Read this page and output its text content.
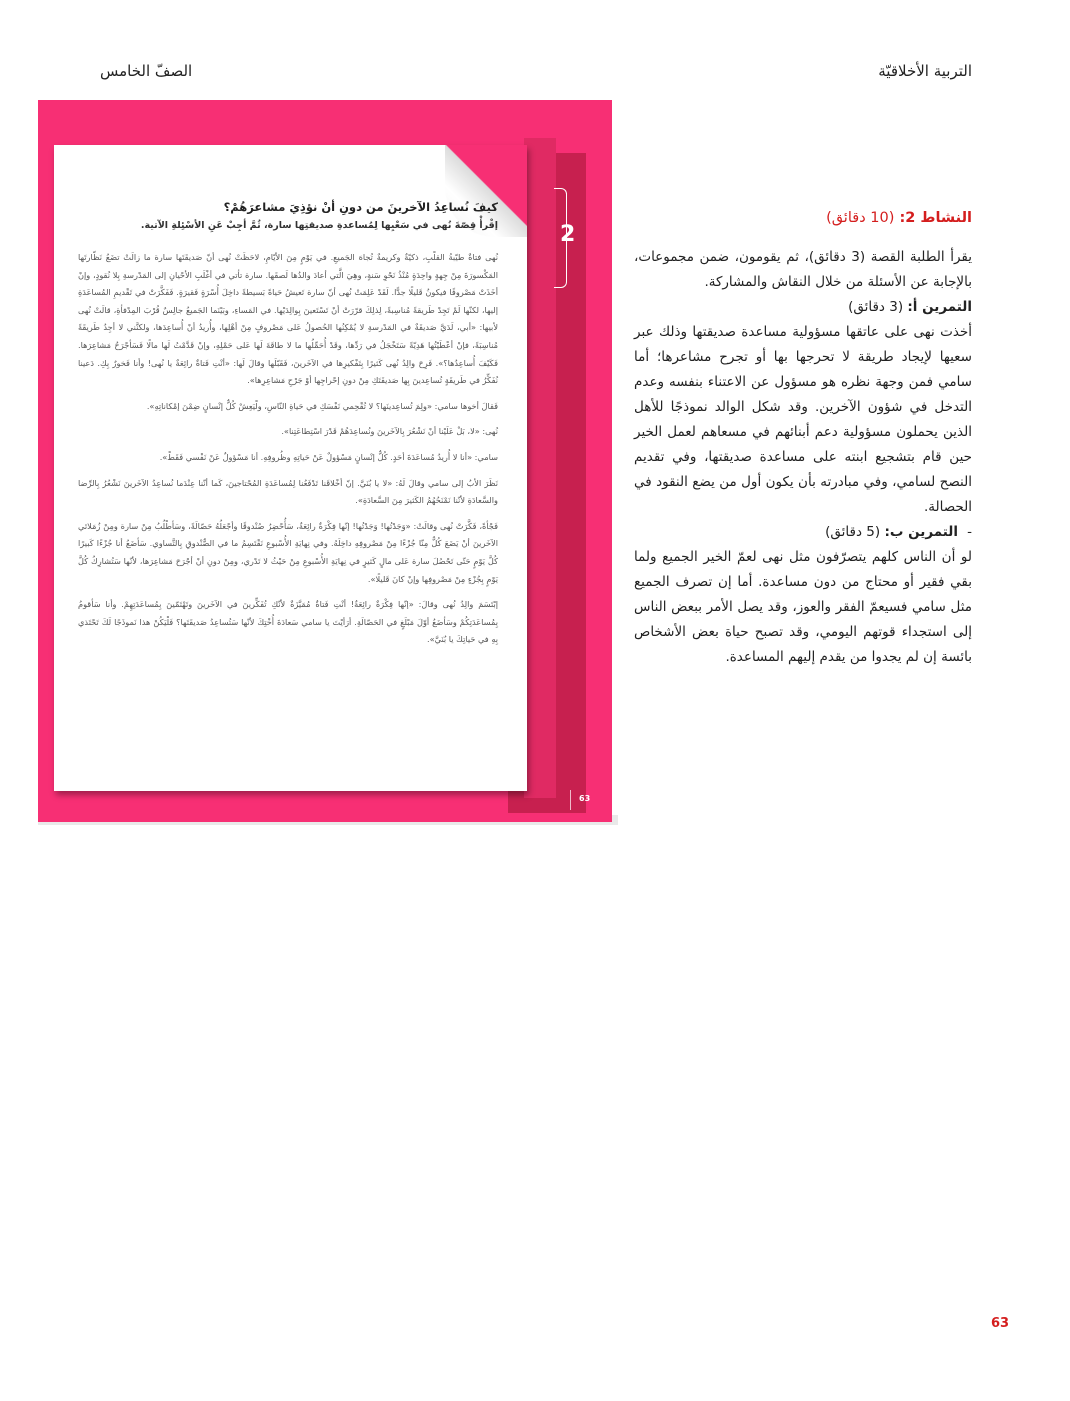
التربية الأخلاقيّة
الصفّ الخامس
2
63

كيفَ نُساعِدُ الآخرينَ من دونِ أنْ نؤذِيَ مشاعرَهُمْ؟

إقْرأْ قِصّةَ نُهى في سَعْيِها لِمُساعدةِ صديقتِها سارة، ثُمَّ أجِبْ عَنِ الأسْئِلةِ الآتية.

نُهى فتاةٌ طيّبةُ القلْبِ، ذكيّةٌ وكريمةٌ تُجاهَ الجَميعِ. في يَوْمٍ مِنَ الأيّامِ، لاحَظَتْ نُهى أنّ صَديقَتَها سارة ما زالَتْ تضَعُ نَظّارتَها المَكْسورَةَ مِنْ جِهةٍ واحِدَةٍ مُنْذُ نَحْوِ سَنةٍ، وهِيَ الَّتي أعادَ والدُها لَصقَها. سارة تأتي في أغْلَبِ الأحْيانِ إلى المَدْرسةِ بِلا نُقودٍ، وإنْ أخَذَتْ مَصْروفًا فيكونُ قَليلًا جدًّا. لَقَدْ عَلِمَتْ نُهى أنّ سارة تَعيشُ حَياةً بَسيطةً داخِلَ أُسْرَةٍ فَقيرَةٍ. فَفَكَّرَتْ في تَقْديمِ المُساعَدَةِ إليها، لكنّها لَمْ تَجِدْ طَريقةً مُناسِبةً، لِذلِكَ قرّرَتْ أنْ تَسْتَعينَ بِوالِدَيْها. في المَساءِ، وبَيْنَما الجَميعُ جالِسٌ قُرْبَ المِدْفأةِ، قالَتْ نُهى لأبيها: «أبي، لَدَيَّ صَديقَةٌ في المَدْرسةِ لا يُمْكِنُها الحُصولُ عَلى مَصْروفٍ مِنْ أهْلِها، وأُريدُ أنْ أُساعِدَها، ولكنَّني لا أجِدُ طَريقَةً مُناسِبَةً، فإنْ أعْطَيْتُها هَدِيّةً سَتَخْجَلُ في رَدِّها، وقَدْ أُحَمِّلُها ما لا طاقَةَ لَها عَلى حَمْلِهِ، وإنْ قَدَّمْتُ لَها مالًا فَسَأجْرَحُ مَشاعِرَها. فَكَيْفَ أُساعِدُها؟». فَرِحَ والِدُ نُهى كَثيرًا بِتَفْكيرِها في الآخَرينَ، فَقَبّلَها وقالَ لَها: «أنْتِ فَتاةٌ رائِعَةٌ يا نُهى! وأنا فَخورٌ بِكِ. دَعينا نُفَكِّرُ في طَريقَةٍ تُساعِدينَ بِها صَديقَتَكِ مِنْ دونِ إحْراجِها أوْ جَرْحِ مَشاعِرِها».

فَقالَ أخوها سامي: «ولِمَ تُساعِدينَها؟ لا تُقْحِمي نَفْسَكِ في حَياةِ النّاسِ، ولْيَعِشْ كُلُّ إنْسانٍ ضِمْنَ إمْكاناتِهِ».

نُهى: «لا، بَلْ عَلَيْنا أنْ نَشْعُرَ بِالآخَرينَ ونُساعِدَهُمْ قَدْرَ اسْتِطاعَتِنا».

سامي: «أنا لا أُريدُ مُساعَدَةَ أحَدٍ. كُلُّ إنْسانٍ مَسْؤولٌ عَنْ حَياتِهِ وظُروفِهِ. أنا مَسْؤولٌ عَنْ نَفْسي فَقَطْ».

نَظَرَ الأبُ إلى سامي وقالَ لَهُ: «لا يا بُنَيَّ. إنّ أخْلاقَنا تَدْفَعُنا لِمُساعَدَةِ المُحْتاجينَ، كَما أنّنا عِنْدَما نُساعِدُ الآخَرينَ نَشْعُرُ بِالرِّضا والسَّعادَةِ لأنّنا نَمْنَحُهُمُ الكَثيرَ مِنَ السَّعادَةِ».

فَجْأةً، فَكَّرَتْ نُهى وقالَتْ: «وَجَدْتُها! وَجَدْتُها! إنّها فِكْرَةٌ رائِعَةٌ، سَأُحْضِرُ صُنْدوقًا وأجْعَلُهُ حَصّالَةً، وسَأطْلُبُ مِنْ سارة ومِنْ زُمَلائي الآخَرينَ أنْ يَضَعَ كُلٌّ مِنّا جُزْءًا مِنْ مَصْروفِهِ داخِلَهُ. وفي نِهايَةِ الأُسْبوعِ نَقْتَسِمُ ما في الصُّنْدوقِ بِالتَّساوي. سَأضَعُ أنا جُزْءًا كَبيرًا كُلَّ يَوْمٍ حَتّى تَحْصُلَ سارة عَلى مالٍ كَثيرٍ في نِهايَةِ الأُسْبوعِ مِنْ حَيْثُ لا تَدْري، ومِنْ دونِ أنْ أجْرَحَ مَشاعِرَها، لأنّها سَتُشارِكُ كُلَّ يَوْمٍ بِجُزْءٍ مِنْ مَصْروفِها وإنْ كانَ قَليلًا».

إبْتَسَمَ والِدُ نُهى وقالَ: «إنّها فِكْرَةٌ رائِعَةٌ! أنْتِ فَتاةٌ مُمَيَّزَةٌ لأنّكِ تُفَكِّرينَ في الآخَرينَ وتَهْتَمّينَ بِمُساعَدَتِهِمْ. وأنا سَأقومُ بِمُساعَدَتِكُمْ وسَأضَعُ أوّلَ مَبْلَغٍ في الحَصّالَةِ. أرَأيْتَ يا سامي سَعادَةَ أُخْتِكَ لأنّها سَتُساعِدُ صَديقَتَها؟ فَلْيَكُنْ هذا نَموذَجًا لَكَ تَحْتَذي بِهِ في حَياتِكَ يا بُنَيَّ».

النشاط 2: (10 دقائق)

يقرأ الطلبة القصة (3 دقائق)، ثم يقومون، ضمن مجموعات، بالإجابة عن الأسئلة من خلال النقاش والمشاركة.

التمرين أ: (3 دقائق)

أخذت نهى على عاتقها مسؤولية مساعدة صديقتها وذلك عبر سعيها لإيجاد طريقة لا تحرجها بها أو تجرح مشاعرها؛ أما سامي فمن وجهة نظره هو مسؤول عن الاعتناء بنفسه وعدم التدخل في شؤون الآخرين. وقد شكل الوالد نموذجًا للأهل الذين يحملون مسؤولية دعم أبنائهم في مسعاهم لعمل الخير حين قام بتشجيع ابنته على مساعدة صديقتها، وفي تقديم النصح لسامي، وفي مبادرته بأن يكون أول من يضع النقود في الحصالة.

-
التمرين ب: (5 دقائق)

لو أن الناس كلهم يتصرّفون مثل نهى لعمّ الخير الجميع ولما بقي فقير أو محتاج من دون مساعدة. أما إن تصرف الجميع مثل سامي فسيعمّ الفقر والعوز، وقد يصل الأمر ببعض الناس إلى استجداء قوتهم اليومي، وقد تصبح حياة بعض الأشخاص بائسة إن لم يجدوا من يقدم إليهم المساعدة.

63
